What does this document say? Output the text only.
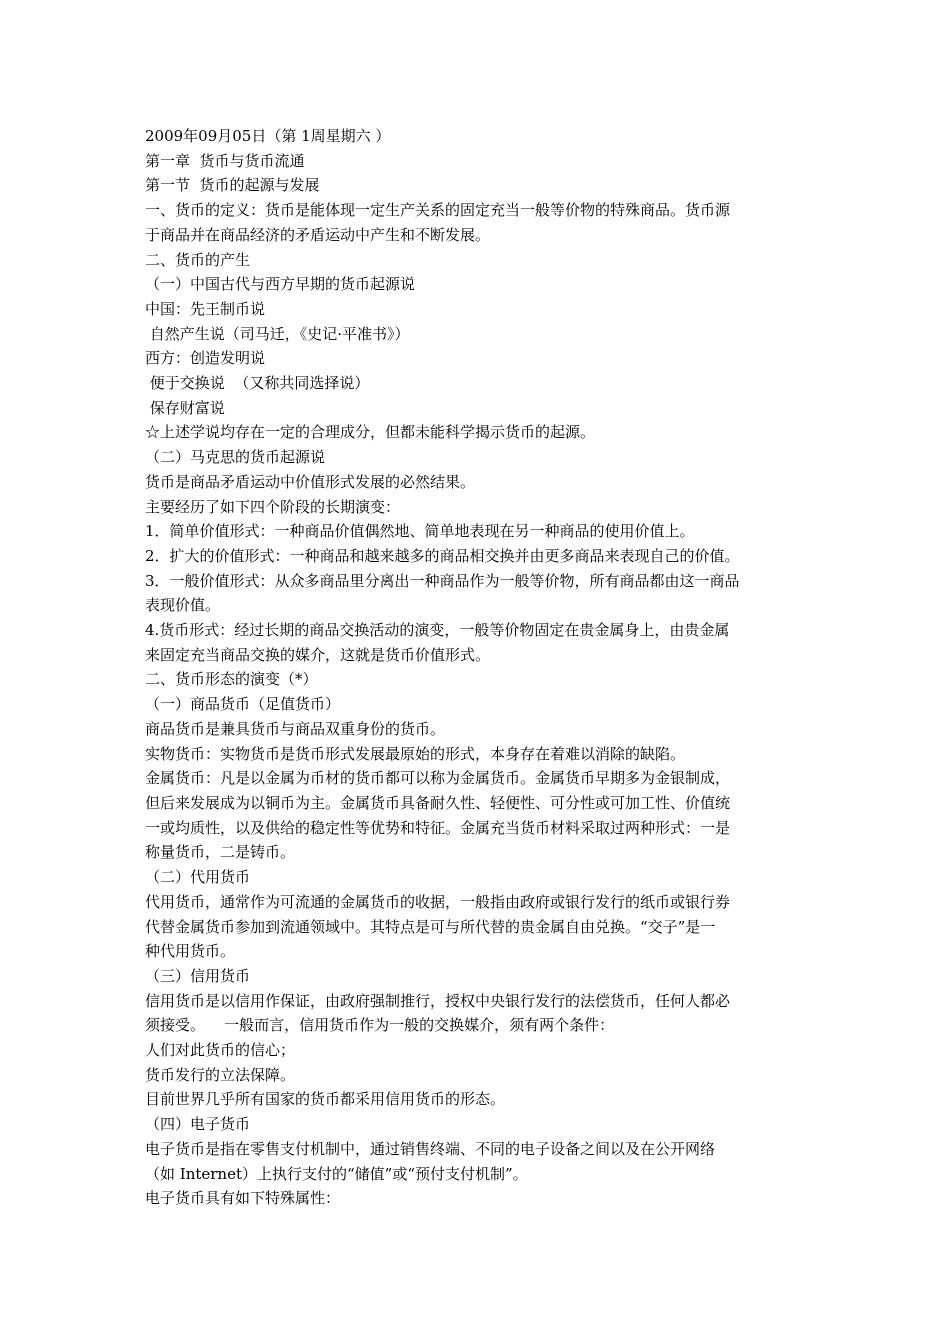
2009年09月05日（第 1周星期六 ）
第一章  货币与货币流通
第一节  货币的起源与发展
一、货币的定义：货币是能体现一定生产关系的固定充当一般等价物的特殊商品。货币源
于商品并在商品经济的矛盾运动中产生和不断发展。
二、货币的产生
（一）中国古代与西方早期的货币起源说
中国：先王制币说
自然产生说（司马迁，《史记·平准书》）
西方：创造发明说
便于交换说  （又称共同选择说）
保存财富说
☆上述学说均存在一定的合理成分，但都未能科学揭示货币的起源。
（二）马克思的货币起源说
货币是商品矛盾运动中价值形式发展的必然结果。
主要经历了如下四个阶段的长期演变：
1．简单价值形式：一种商品价值偶然地、简单地表现在另一种商品的使用价值上。
2．扩大的价值形式：一种商品和越来越多的商品相交换并由更多商品来表现自己的价值。
3．一般价值形式：从众多商品里分离出一种商品作为一般等价物，所有商品都由这一商品
表现价值。
4.货币形式：经过长期的商品交换活动的演变，一般等价物固定在贵金属身上，由贵金属
来固定充当商品交换的媒介，这就是货币价值形式。
二、货币形态的演变（*）
（一）商品货币（足值货币）
商品货币是兼具货币与商品双重身份的货币。
实物货币：实物货币是货币形式发展最原始的形式，本身存在着难以消除的缺陷。
金属货币：凡是以金属为币材的货币都可以称为金属货币。金属货币早期多为金银制成，
但后来发展成为以铜币为主。金属货币具备耐久性、轻便性、可分性或可加工性、价值统
一或均质性，以及供给的稳定性等优势和特征。金属充当货币材料采取过两种形式：一是
称量货币，二是铸币。
（二）代用货币
代用货币，通常作为可流通的金属货币的收据，一般指由政府或银行发行的纸币或银行券
代替金属货币参加到流通领域中。其特点是可与所代替的贵金属自由兑换。“交子”是一
种代用货币。
（三）信用货币
信用货币是以信用作保证，由政府强制推行，授权中央银行发行的法偿货币，任何人都必
须接受。    一般而言，信用货币作为一般的交换媒介，须有两个条件：
人们对此货币的信心；
货币发行的立法保障。
目前世界几乎所有国家的货币都采用信用货币的形态。
（四）电子货币
电子货币是指在零售支付机制中，通过销售终端、不同的电子设备之间以及在公开网络
（如 Internet）上执行支付的“储值”或“预付支付机制”。
电子货币具有如下特殊属性：
